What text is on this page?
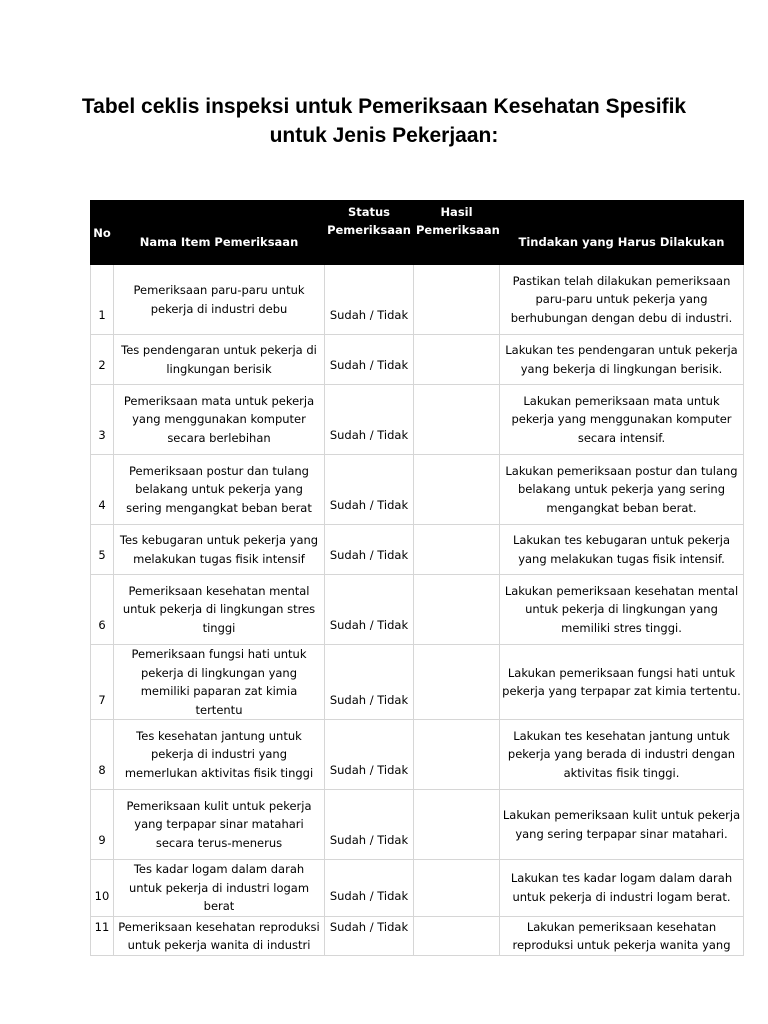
Tabel ceklis inspeksi untuk Pemeriksaan Kesehatan Spesifik untuk Jenis Pekerjaan:
No	Nama Item Pemeriksaan	Status Pemeriksaan	Hasil Pemeriksaan	Tindakan yang Harus Dilakukan
1	Pemeriksaan paru-paru untuk pekerja di industri debu	Sudah / Tidak		Pastikan telah dilakukan pemeriksaan paru-paru untuk pekerja yang berhubungan dengan debu di industri.
2	Tes pendengaran untuk pekerja di lingkungan berisik	Sudah / Tidak		Lakukan tes pendengaran untuk pekerja yang bekerja di lingkungan berisik.
3	Pemeriksaan mata untuk pekerja yang menggunakan komputer secara berlebihan	Sudah / Tidak		Lakukan pemeriksaan mata untuk pekerja yang menggunakan komputer secara intensif.
4	Pemeriksaan postur dan tulang belakang untuk pekerja yang sering mengangkat beban berat	Sudah / Tidak		Lakukan pemeriksaan postur dan tulang belakang untuk pekerja yang sering mengangkat beban berat.
5	Tes kebugaran untuk pekerja yang melakukan tugas fisik intensif	Sudah / Tidak		Lakukan tes kebugaran untuk pekerja yang melakukan tugas fisik intensif.
6	Pemeriksaan kesehatan mental untuk pekerja di lingkungan stres tinggi	Sudah / Tidak		Lakukan pemeriksaan kesehatan mental untuk pekerja di lingkungan yang memiliki stres tinggi.
7	Pemeriksaan fungsi hati untuk pekerja di lingkungan yang memiliki paparan zat kimia tertentu	Sudah / Tidak		Lakukan pemeriksaan fungsi hati untuk pekerja yang terpapar zat kimia tertentu.
8	Tes kesehatan jantung untuk pekerja di industri yang memerlukan aktivitas fisik tinggi	Sudah / Tidak		Lakukan tes kesehatan jantung untuk pekerja yang berada di industri dengan aktivitas fisik tinggi.
9	Pemeriksaan kulit untuk pekerja yang terpapar sinar matahari secara terus-menerus	Sudah / Tidak		Lakukan pemeriksaan kulit untuk pekerja yang sering terpapar sinar matahari.
10	Tes kadar logam dalam darah untuk pekerja di industri logam berat	Sudah / Tidak		Lakukan tes kadar logam dalam darah untuk pekerja di industri logam berat.
11	Pemeriksaan kesehatan reproduksi untuk pekerja wanita di industri	Sudah / Tidak		Lakukan pemeriksaan kesehatan reproduksi untuk pekerja wanita yang
